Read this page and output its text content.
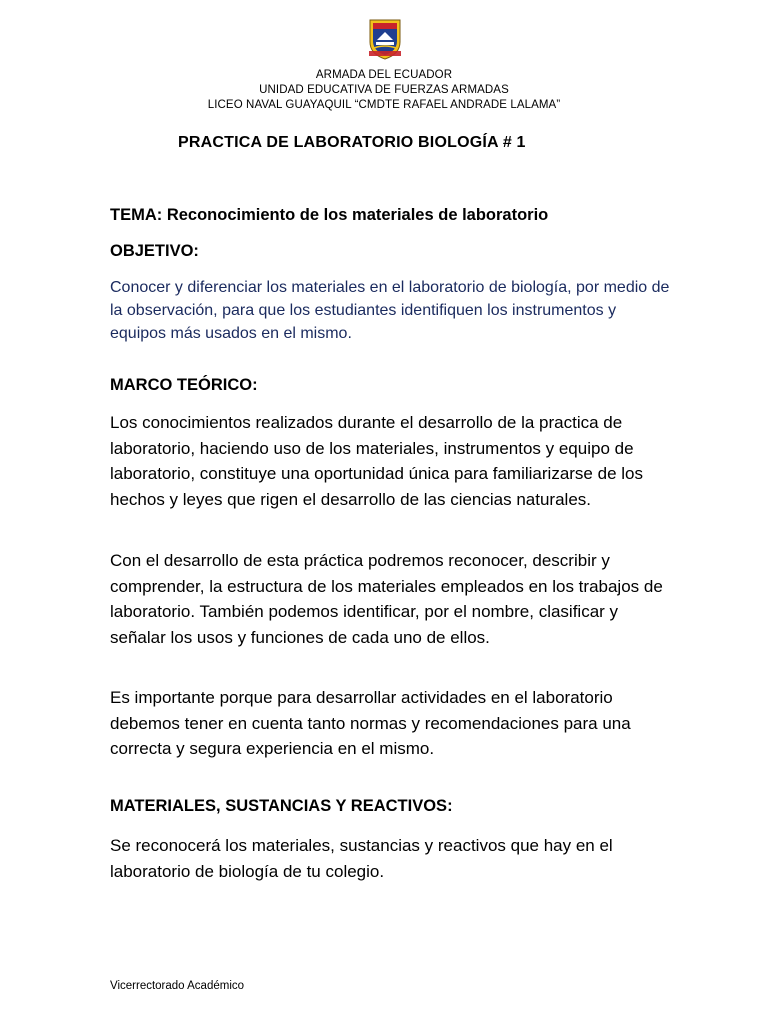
ARMADA DEL ECUADOR
UNIDAD EDUCATIVA DE FUERZAS ARMADAS
LICEO NAVAL GUAYAQUIL “CMDTE RAFAEL ANDRADE LALAMA”
PRACTICA DE LABORATORIO BIOLOGÍA # 1
TEMA: Reconocimiento de los materiales de laboratorio
OBJETIVO:
Conocer y diferenciar los materiales en el laboratorio de biología, por medio de la observación, para que los estudiantes identifiquen los instrumentos y equipos más usados en el mismo.
MARCO TEÓRICO:
Los conocimientos realizados durante el desarrollo de la practica de laboratorio, haciendo uso de los materiales, instrumentos y equipo de laboratorio, constituye una oportunidad única para familiarizarse de los hechos y leyes que rigen el desarrollo de las ciencias naturales.
Con el desarrollo de esta práctica podremos reconocer, describir y comprender, la estructura de los materiales empleados en los trabajos de laboratorio. También podemos identificar, por el nombre, clasificar y señalar los usos y funciones de cada uno de ellos.
Es importante porque para desarrollar actividades en el laboratorio debemos tener en cuenta tanto normas y recomendaciones para una correcta y segura experiencia en el mismo.
MATERIALES, SUSTANCIAS Y REACTIVOS:
Se reconocerá los materiales, sustancias y reactivos que hay en el laboratorio de biología de tu colegio.
Vicerrectorado Académico
